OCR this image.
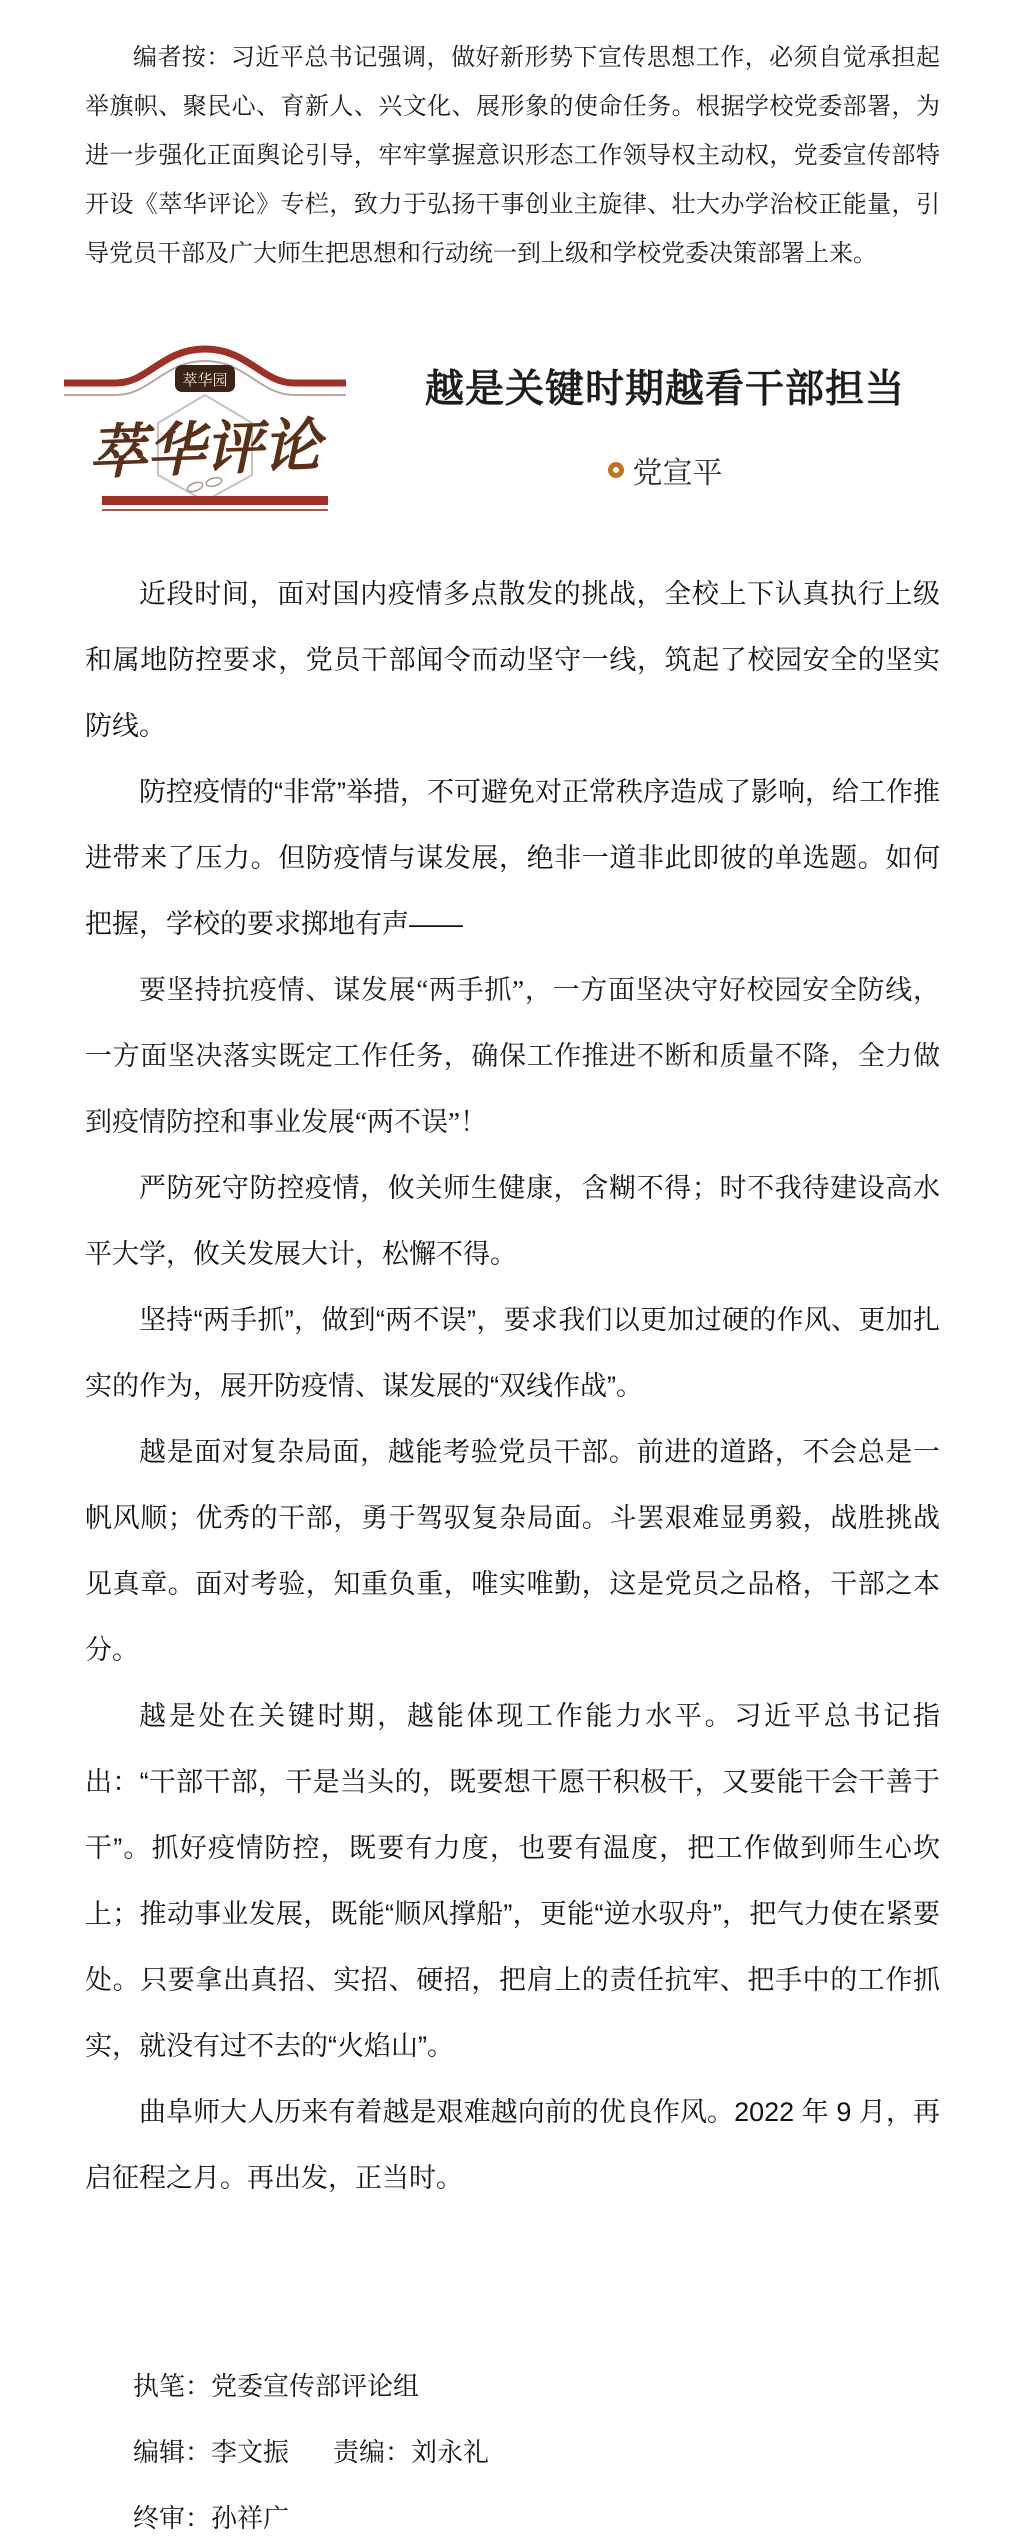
编者按：习近平总书记强调，做好新形势下宣传思想工作，必须自觉承担起举旗帜、聚民心、育新人、兴文化、展形象的使命任务。根据学校党委部署，为进一步强化正面舆论引导，牢牢掌握意识形态工作领导权主动权，党委宣传部特开设《萃华评论》专栏，致力于弘扬干事创业主旋律、壮大办学治校正能量，引导党员干部及广大师生把思想和行动统一到上级和学校党委决策部署上来。

萃华园
萃华评论
越是关键时期越看干部担当
党宣平

近段时间，面对国内疫情多点散发的挑战，全校上下认真执行上级和属地防控要求，党员干部闻令而动坚守一线，筑起了校园安全的坚实防线。

防控疫情的“非常”举措，不可避免对正常秩序造成了影响，给工作推进带来了压力。但防疫情与谋发展，绝非一道非此即彼的单选题。如何把握，学校的要求掷地有声——

要坚持抗疫情、谋发展“两手抓”，一方面坚决守好校园安全防线，一方面坚决落实既定工作任务，确保工作推进不断和质量不降，全力做到疫情防控和事业发展“两不误”！

严防死守防控疫情，攸关师生健康，含糊不得；时不我待建设高水平大学，攸关发展大计，松懈不得。

坚持“两手抓”，做到“两不误”，要求我们以更加过硬的作风、更加扎实的作为，展开防疫情、谋发展的“双线作战”。

越是面对复杂局面，越能考验党员干部。前进的道路，不会总是一帆风顺；优秀的干部，勇于驾驭复杂局面。斗罢艰难显勇毅，战胜挑战见真章。面对考验，知重负重，唯实唯勤，这是党员之品格，干部之本分。

越是处在关键时期，越能体现工作能力水平。习近平总书记指出：“干部干部，干是当头的，既要想干愿干积极干，又要能干会干善于干”。抓好疫情防控，既要有力度，也要有温度，把工作做到师生心坎上；推动事业发展，既能“顺风撑船”，更能“逆水驭舟”，把气力使在紧要处。只要拿出真招、实招、硬招，把肩上的责任抗牢、把手中的工作抓实，就没有过不去的“火焰山”。

曲阜师大人历来有着越是艰难越向前的优良作风。2022 年 9 月，再启征程之月。再出发，正当时。

执笔：党委宣传部评论组
编辑：李文振 责编：刘永礼
终审：孙祥广
